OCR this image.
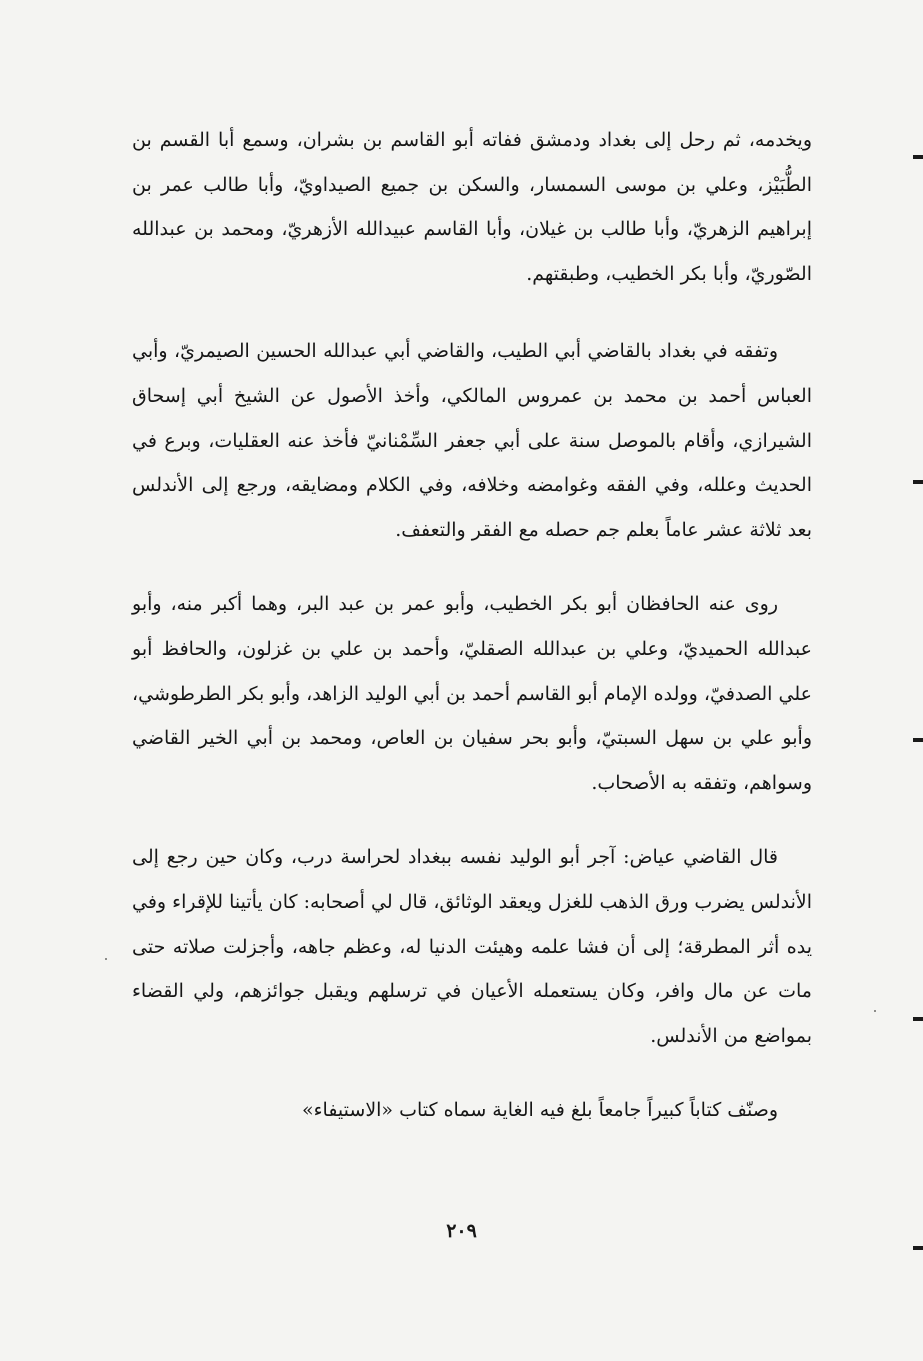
ويخدمه، ثم رحل إلى بغداد ودمشق ففاته أبو القاسم بن بشران، وسمع أبا القسم بن الطُّبَيْز، وعلي بن موسى السمسار، والسكن بن جميع الصيداويّ، وأبا طالب عمر بن إبراهيم الزهريّ، وأبا طالب بن غيلان، وأبا القاسم عبيدالله الأزهريّ، ومحمد بن عبدالله الصّوريّ، وأبا بكر الخطيب، وطبقتهم.

وتفقه في بغداد بالقاضي أبي الطيب، والقاضي أبي عبدالله الحسين الصيمريّ، وأبي العباس أحمد بن محمد بن عمروس المالكي، وأخذ الأصول عن الشيخ أبي إسحاق الشيرازي، وأقام بالموصل سنة على أبي جعفر السِّمْنانيّ فأخذ عنه العقليات، وبرع في الحديث وعلله، وفي الفقه وغوامضه وخلافه، وفي الكلام ومضايقه، ورجع إلى الأندلس بعد ثلاثة عشر عاماً بعلم جم حصله مع الفقر والتعفف.

روى عنه الحافظان أبو بكر الخطيب، وأبو عمر بن عبد البر، وهما أكبر منه، وأبو عبدالله الحميديّ، وعلي بن عبدالله الصقليّ، وأحمد بن علي بن غزلون، والحافظ أبو علي الصدفيّ، وولده الإمام أبو القاسم أحمد بن أبي الوليد الزاهد، وأبو بكر الطرطوشي، وأبو علي بن سهل السبتيّ، وأبو بحر سفيان بن العاص، ومحمد بن أبي الخير القاضي وسواهم، وتفقه به الأصحاب.

قال القاضي عياض: آجر أبو الوليد نفسه ببغداد لحراسة درب، وكان حين رجع إلى الأندلس يضرب ورق الذهب للغزل ويعقد الوثائق، قال لي أصحابه: كان يأتينا للإقراء وفي يده أثر المطرقة؛ إلى أن فشا علمه وهيئت الدنيا له، وعظم جاهه، وأجزلت صلاته حتى مات عن مال وافر، وكان يستعمله الأعيان في ترسلهم ويقبل جوائزهم، ولي القضاء بمواضع من الأندلس.

وصنّف كتاباً كبيراً جامعاً بلغ فيه الغاية سماه كتاب «الاستيفاء»

٢٠٩
